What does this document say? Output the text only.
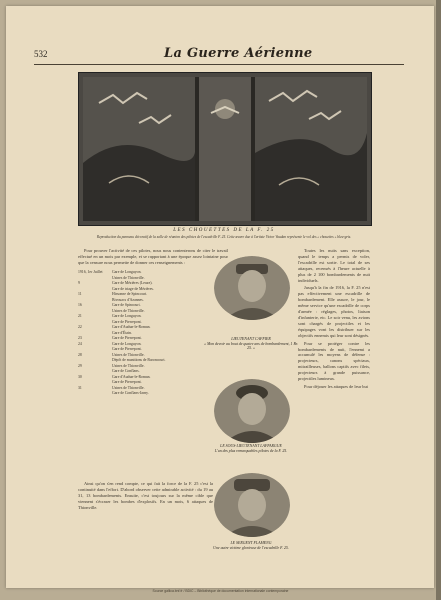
532	La Guerre Aérienne
LES CHOUETTES DE LA F. 25
Reproduction du panneau décoratif de la salle de réunion des pilotes de l'escadrille F. 25. Cette œuvre due à l'artiste Victor Vaudan représente le vol des « chouettes » bleu-gris.

Pour prouver l'activité de ces pilotes, nous nous contenterons de citer le travail effectué en un mois par exemple, et se rapportant à une époque assez lointaine pour que la censure nous permette de donner ces renseignements :

1916, 1er Juillet	Gare de Longuyon.
Usines de Thionville.
9	Gare de Mézières (Leuze).
Gare de triage de Mézières.
11	Hirsonne de Spincourt.
Bivouacs d'Azannes.
16	Gare de Spincourt.
Usines de Thionville.
21	Gare de Longuyon.
Gare de Pierrepont.
22	Gare d'Audun-le-Roman.
Gare d'Étain.
23	Gare de Pierrepont.
24	Gare de Longuyon.
Gare de Pierrepont.
28	Usines de Thionville.
Dépôt de munitions de Baroncourt.
29	Usines de Thionville.
Gare de Conflans.
30	Gare d'Audun-le-Roman.
Gare de Pierrepont.
31	Usines de Thionville.
Gare de Conflans-Jarny.

Ainsi qu'on s'en rend compte, ce qui fait la force de la F. 25 c'est la continuité dans l'effort. D'abord observer cette admirable activité : du 19 au 31, 13 bombardements. Ensuite, c'est toujours sur la même cible que viennent s'écraser les bombes d'explosifs. En un mois, 6 attaques de Thionville.

LIEUTENANT CAFFIER
« Mon devoir au bout de quatre ans de bombardement, 1 Br. 25. »
LE SOUS-LIEUTENANT LAFFARGUE
L'un des plus remarquables pilotes de la F. 25.
LE SERGENT FLAMENG
Une autre victime glorieuse de l'escadrille F. 25.

Toutes les nuits sans exception, quand le temps a permis de voler, l'escadrille est sortie. Le total de ses attaques, recensés à l'heure actuelle à plus de 2 100 bombardements de nuit individuels.

Jusqu'à la fin de 1916, la F. 25 n'est pas effectivement une escadrille de bombardement. Elle assure, le jour, le même service qu'une escadrille de corps d'armée : réglages, photos, liaison d'infanterie, etc. Le soir venu, les avions sont chargés de projectiles et les équipages vont les distribuer sur les objectifs ennemis qui leur sont désignés.

Pour se protéger contre les bombardements de nuit, l'ennemi a accumulé les moyens de défense : projecteurs, canons spéciaux, mitrailleuses, ballons captifs avec filets, projecteurs à grande puissance, projectiles lumineux.

Pour déjouer les attaques de leur but

Source gallica.bnf.fr / BDIC – Bibliothèque de documentation internationale contemporaine
